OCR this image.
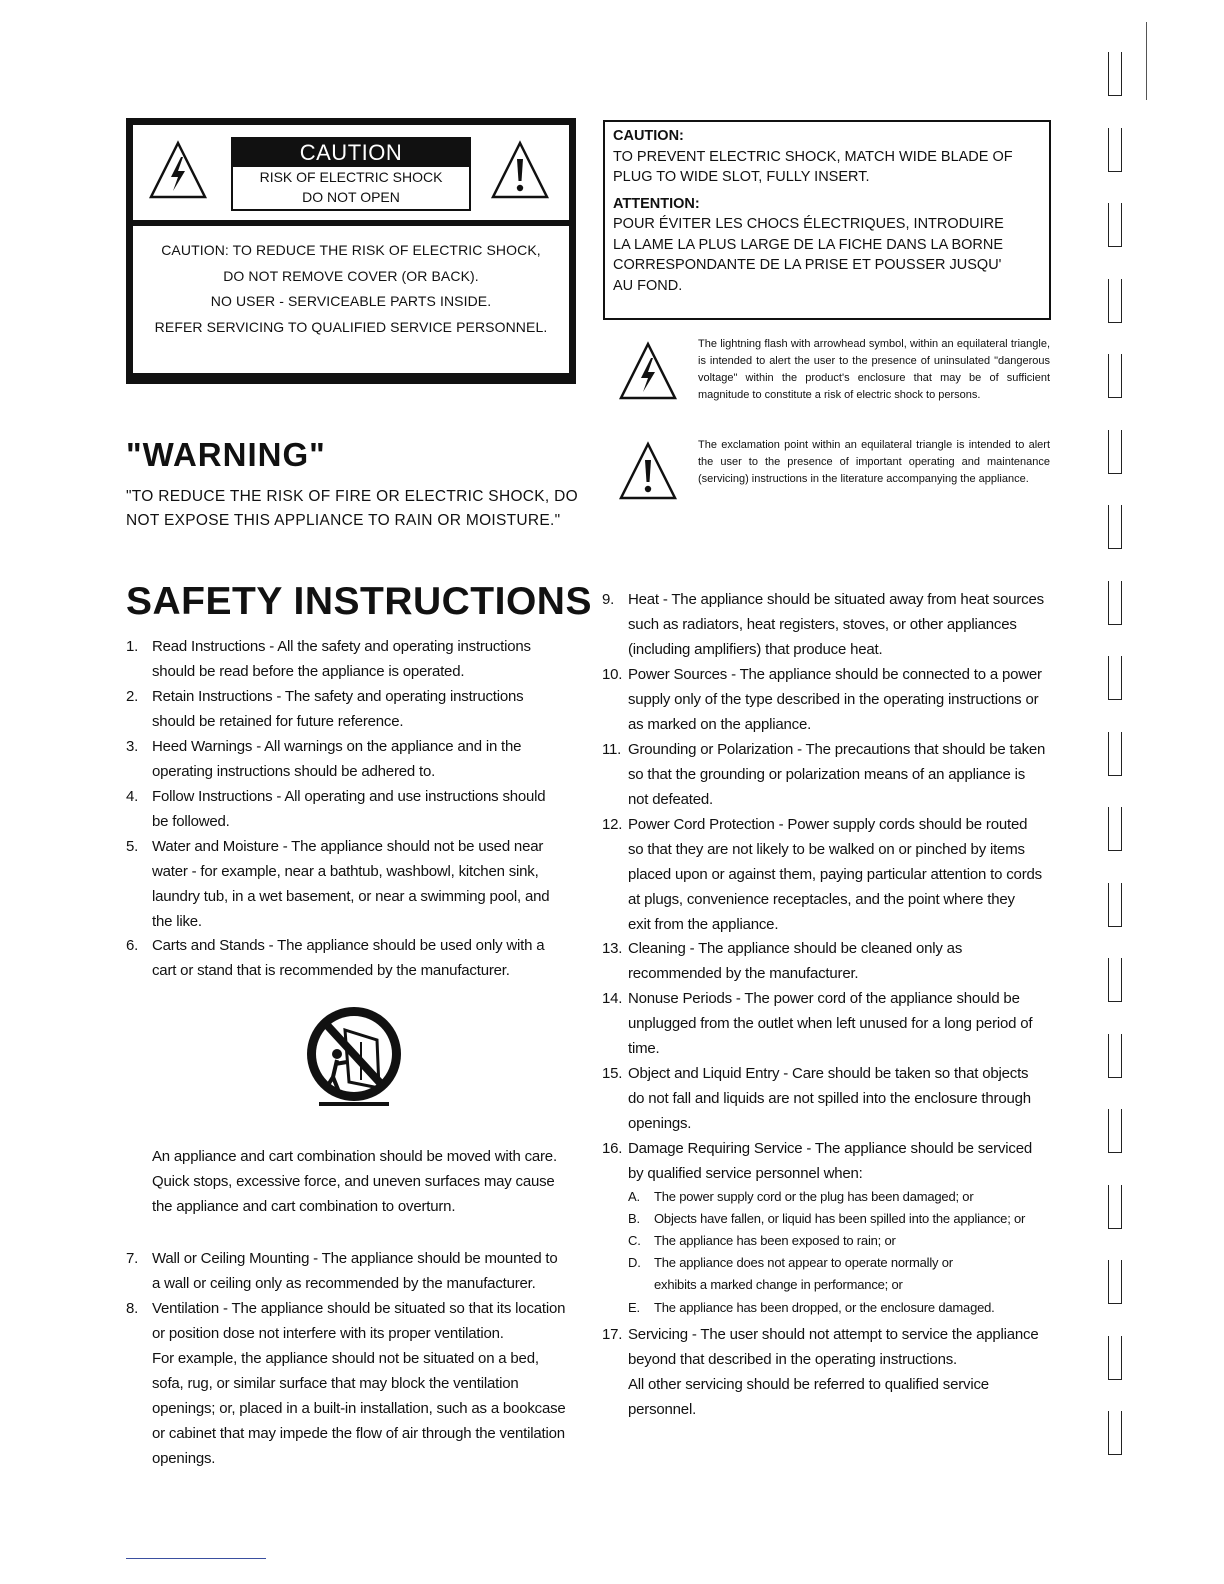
CAUTION
RISK OF ELECTRIC SHOCK
DO NOT OPEN
CAUTION: TO REDUCE THE RISK OF ELECTRIC SHOCK,
DO NOT REMOVE COVER (OR BACK).
NO USER - SERVICEABLE PARTS INSIDE.
REFER SERVICING TO QUALIFIED SERVICE PERSONNEL.
CAUTION:
TO PREVENT ELECTRIC SHOCK, MATCH WIDE BLADE OF
PLUG TO WIDE SLOT, FULLY INSERT.
ATTENTION:
POUR ÉVITER LES CHOCS ÉLECTRIQUES, INTRODUIRE
LA LAME LA PLUS LARGE DE LA FICHE DANS LA BORNE
CORRESPONDANTE DE LA PRISE ET POUSSER JUSQU'
AU FOND.
The lightning flash with arrowhead symbol, within an equilateral triangle, is intended to alert the user to the presence of uninsulated "dangerous voltage" within the product's enclosure that may be of sufficient magnitude to constitute a risk of electric shock to persons.
The exclamation point within an equilateral triangle is intended to alert the user to the presence of important operating and maintenance (servicing) instructions in the literature accompanying the appliance.
"WARNING"
"TO REDUCE THE RISK OF FIRE OR ELECTRIC SHOCK, DO NOT EXPOSE THIS APPLIANCE TO RAIN OR MOISTURE."
SAFETY INSTRUCTIONS
1. Read Instructions - All the safety and operating instructions
should be read before the appliance is operated.
2. Retain Instructions - The safety and operating instructions
should be retained for future reference.
3. Heed Warnings - All warnings on the appliance and in the
operating instructions should be adhered to.
4. Follow Instructions - All operating and use instructions should
be followed.
5. Water and Moisture - The appliance should not be used near
water - for example, near a bathtub, washbowl, kitchen sink,
laundry tub, in a wet basement, or near a swimming pool, and
the like.
6. Carts and Stands - The appliance should be used only with a
cart or stand that is recommended by the manufacturer.
7. Wall or Ceiling Mounting - The appliance should be mounted to
a wall or ceiling only as recommended by the manufacturer.
8. Ventilation - The appliance should be situated so that its location
or position dose not interfere with its proper ventilation.
For example, the appliance should not be situated on a bed,
sofa, rug, or similar surface that may block the ventilation
openings; or, placed in a built-in installation, such as a bookcase
or cabinet that may impede the flow of air through the ventilation
openings.
9. Heat - The appliance should be situated away from heat sources
such as radiators, heat registers, stoves, or other appliances
(including amplifiers) that produce heat.
10. Power Sources - The appliance should be connected to a power
supply only of the type described in the operating instructions or
as marked on the appliance.
11. Grounding or Polarization - The precautions that should be taken
so that the grounding or polarization means of an appliance is
not defeated.
12. Power Cord Protection - Power supply cords should be routed
so that they are not likely to be walked on or pinched by items
placed upon or against them, paying particular attention to cords
at plugs, convenience receptacles, and the point where they
exit from the appliance.
13. Cleaning - The appliance should be cleaned only as
recommended by the manufacturer.
14. Nonuse Periods - The power cord of the appliance should be
unplugged from the outlet when left unused for a long period of
time.
15. Object and Liquid Entry - Care should be taken so that objects
do not fall and liquids are not spilled into the enclosure through
openings.
16. Damage Requiring Service - The appliance should be serviced
by qualified service personnel when:
17. Servicing - The user should not attempt to service the appliance
beyond that described in the operating instructions.
All other servicing should be referred to qualified service
personnel.
A. The power supply cord or the plug has been damaged; or
B. Objects have fallen, or liquid has been spilled into the appliance; or
C. The appliance has been exposed to rain; or
D. The appliance does not appear to operate normally or
exhibits a marked change in performance; or
E. The appliance has been dropped, or the enclosure damaged.
An appliance and cart combination should be moved with care.
Quick stops, excessive force, and uneven surfaces may cause
the appliance and cart combination to overturn.
